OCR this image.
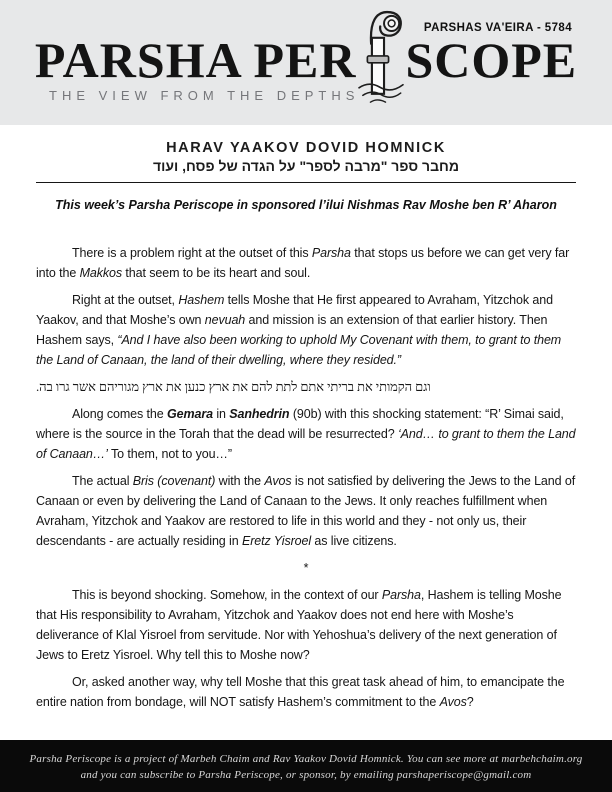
PARSHAS VA'EIRA - 5784
PARSHA PER SCOPE
THE VIEW FROM THE DEPTHS
HARAV YAAKOV DOVID HOMNICK
מחבר ספר "מרבה לספר" על הגדה של פסח, ועוד

This week’s Parsha Periscope in sponsored l’ilui Nishmas Rav Moshe ben R’ Aharon

There is a problem right at the outset of this Parsha that stops us before we can get very far into the Makkos that seem to be its heart and soul.

Right at the outset, Hashem tells Moshe that He first appeared to Avraham, Yitzchok and Yaakov, and that Moshe’s own nevuah and mission is an extension of that earlier history. Then Hashem says, “And I have also been working to uphold My Covenant with them, to grant to them the Land of Canaan, the land of their dwelling, where they resided.”

וגם הקמותי את בריתי אתם לתת להם את ארץ כנען את ארץ מגוריהם אשר גרו בה.

Along comes the Gemara in Sanhedrin (90b) with this shocking statement: “R’ Simai said, where is the source in the Torah that the dead will be resurrected? ‘And… to grant to them the Land of Canaan…’ To them, not to you…”

The actual Bris (covenant) with the Avos is not satisfied by delivering the Jews to the Land of Canaan or even by delivering the Land of Canaan to the Jews. It only reaches fulfillment when Avraham, Yitzchok and Yaakov are restored to life in this world and they - not only us, their descendants - are actually residing in Eretz Yisroel as live citizens.

*

This is beyond shocking. Somehow, in the context of our Parsha, Hashem is telling Moshe that His responsibility to Avraham, Yitzchok and Yaakov does not end here with Moshe’s deliverance of Klal Yisroel from servitude. Nor with Yehoshua’s delivery of the next generation of Jews to Eretz Yisroel. Why tell this to Moshe now?

Or, asked another way, why tell Moshe that this great task ahead of him, to emancipate the entire nation from bondage, will NOT satisfy Hashem’s commitment to the Avos?

Parsha Periscope is a project of Marbeh Chaim and Rav Yaakov Dovid Homnick. You can see more at marbehchaim.org

and you can subscribe to Parsha Periscope, or sponsor, by emailing parshaperiscope@gmail.com
